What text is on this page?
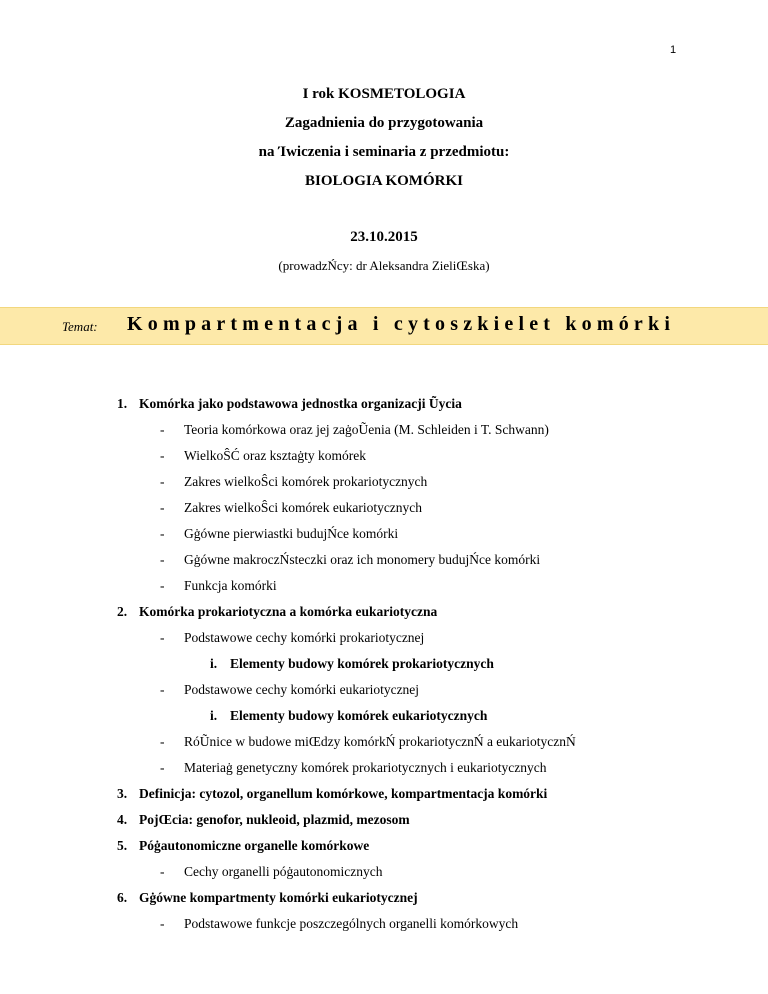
1
I rok KOSMETOLOGIA
Zagadnienia do przygotowania
na Ίwiczenia i seminaria z przedmiotu:
BIOLOGIA KOMÓRKI
23.10.2015
(prowadzŃcy: dr Aleksandra ZieliŒska)
Temat: Kompartmentacja i cytoszkielet komórki
1. Komórka jako podstawowa jednostka organizacji Ũycia
- Teoria komórkowa oraz jej zaġoŨenia (M. Schleiden i T. Schwann)
- WielkoŜĆ oraz ksztaġty komórek
- Zakres wielkoŜci komórek prokariotycznych
- Zakres wielkoŜci komórek eukariotycznych
- Gġówne pierwiastki budujŃce komórki
- Gġówne makroczŃsteczki oraz ich monomery budujŃce komórki
- Funkcja komórki
2. Komórka prokariotyczna a komórka eukariotyczna
- Podstawowe cechy komórki prokariotycznej
i. Elementy budowy komórek prokariotycznych
- Podstawowe cechy komórki eukariotycznej
i. Elementy budowy komórek eukariotycznych
- RóŨnice w budowe miŒdzy komórkŃ prokariotycznŃ a eukariotycznŃ
- Materiaġ genetyczny komórek prokariotycznych i eukariotycznych
3. Definicja: cytozol, organellum komórkowe, kompartmentacja komórki
4. PojŒcia: genofor, nukleoid, plazmid, mezosom
5. Póġautonomiczne organelle komórkowe
- Cechy organelli póġautonomicznych
6. Gġówne kompartmenty komórki eukariotycznej
- Podstawowe funkcje poszczególnych organelli komórkowych
